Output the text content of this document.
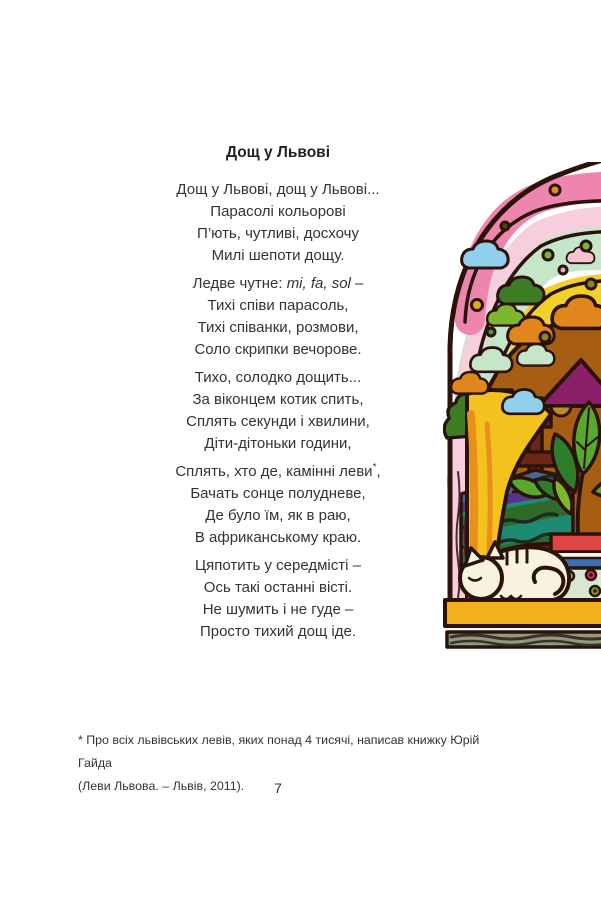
Дощ у Львові
Дощ у Львові, дощ у Львові...
Парасолі кольорові
П’ють, чутливі, досхочу
Милі шепоти дощу.
Ледве чутне: mi, fa, sol –
Тихі співи парасоль,
Тихі співанки, розмови,
Соло скрипки вечорове.
Тихо, солодко дощить...
За віконцем котик спить,
Сплять секунди і хвилини,
Діти-дітоньки години,
Сплять, хто де, камінні леви*,
Бачать сонце полудневе,
Де було їм, як в раю,
В африканському краю.
Цяпотить у середмісті –
Ось такі останні вісті.
Не шумить і не гуде –
Просто тихий дощ іде.
* Про всіх львівських левів, яких понад 4 тисячі, написав книжку Юрій Гайда
(Леви Львова. – Львів, 2011).	7
